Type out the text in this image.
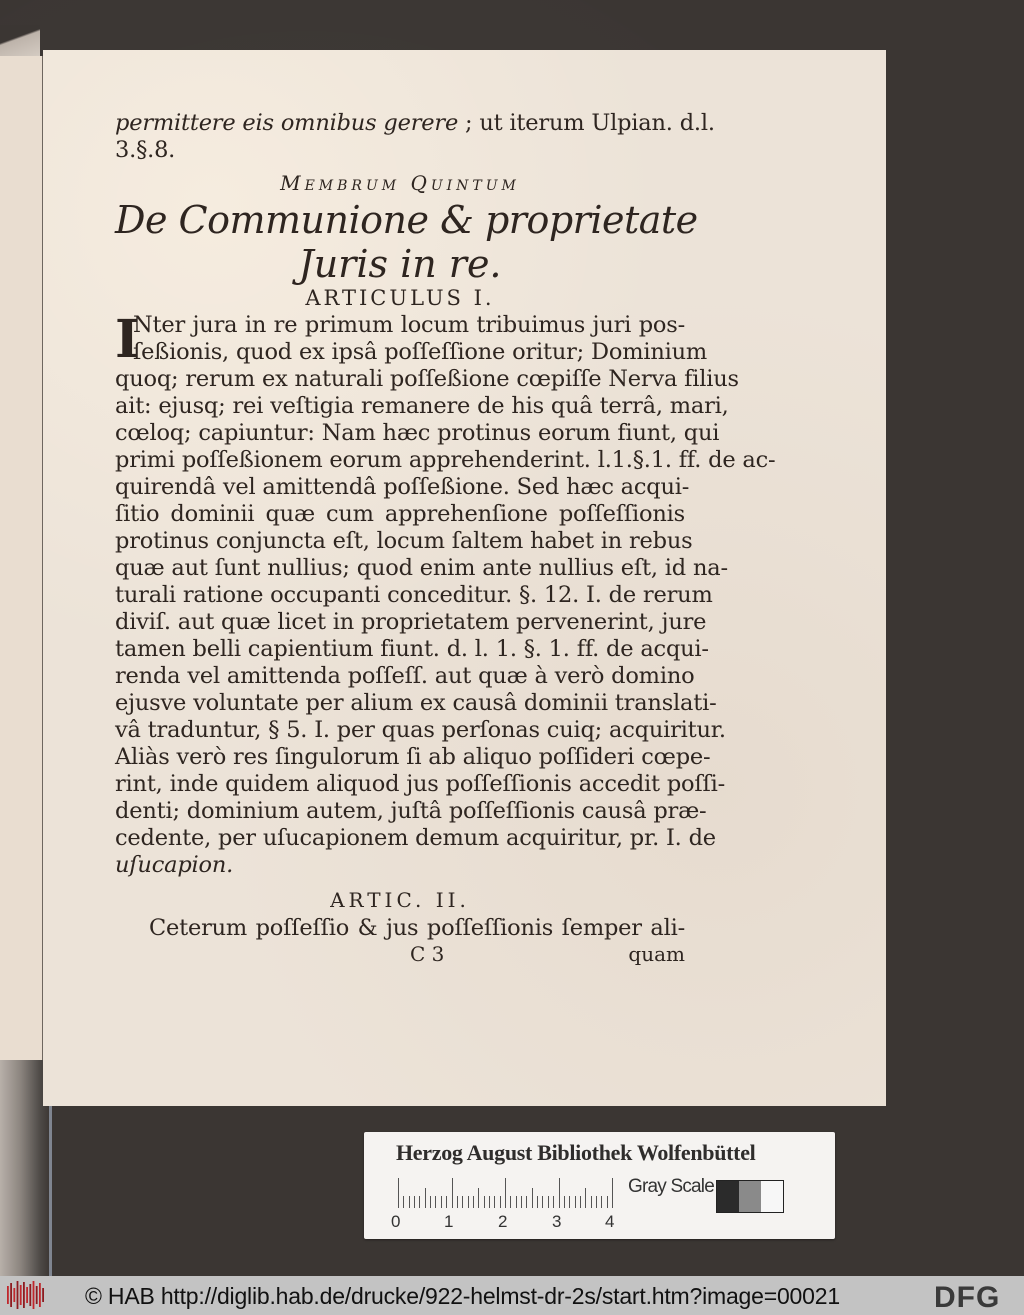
permittere eis omnibus gerere ; ut iterum Ulpian. d.l.
3.§.8.
Membrum Quintum
De Communione & proprietate
Juris in re.
ARTICULUS I.
I
Nter jura in re primum locum tribuimus juri pos-
ſeßionis, quod ex ipsâ poſſeſſione oritur; Dominium
quoq; rerum ex naturali poſſeßione cœpiſſe Nerva filius
ait: ejusq; rei veſtigia remanere de his quâ terrâ, mari,
cœloq; capiuntur: Nam hæc protinus eorum fiunt, qui
primi poſſeßionem eorum apprehenderint. l.1.§.1. ff. de ac-
quirendâ vel amittendâ poſſeßione. Sed hæc acqui-
ſitio dominii quæ cum apprehenſione poſſeſſionis
protinus conjuncta eſt, locum ſaltem habet in rebus
quæ aut ſunt nullius; quod enim ante nullius eſt, id na-
turali ratione occupanti conceditur. §. 12. I. de rerum
diviſ. aut quæ licet in proprietatem pervenerint, jure
tamen belli capientium fiunt. d. l. 1. §. 1. ff. de acqui-
renda vel amittenda poſſeſſ. aut quæ à verò domino
ejusve voluntate per alium ex causâ dominii translati-
vâ traduntur, § 5. I. per quas perſonas cuiq; acquiritur.
Aliàs verò res ſingulorum ſi ab aliquo poſſideri cœpe-
rint, inde quidem aliquod jus poſſeſſionis accedit poſſi-
denti; dominium autem, juſtâ poſſeſſionis causâ præ-
cedente, per uſucapionem demum acquiritur, pr. I. de
uſucapion.
ARTIC. II.
Ceterum poſſeſſio & jus poſſeſſionis ſemper ali-
C 3	quam
Herzog August Bibliothek Wolfenbüttel
0	1	2	3	4
Gray Scale
© HAB http://diglib.hab.de/drucke/922-helmst-dr-2s/start.htm?image=00021	DFG
